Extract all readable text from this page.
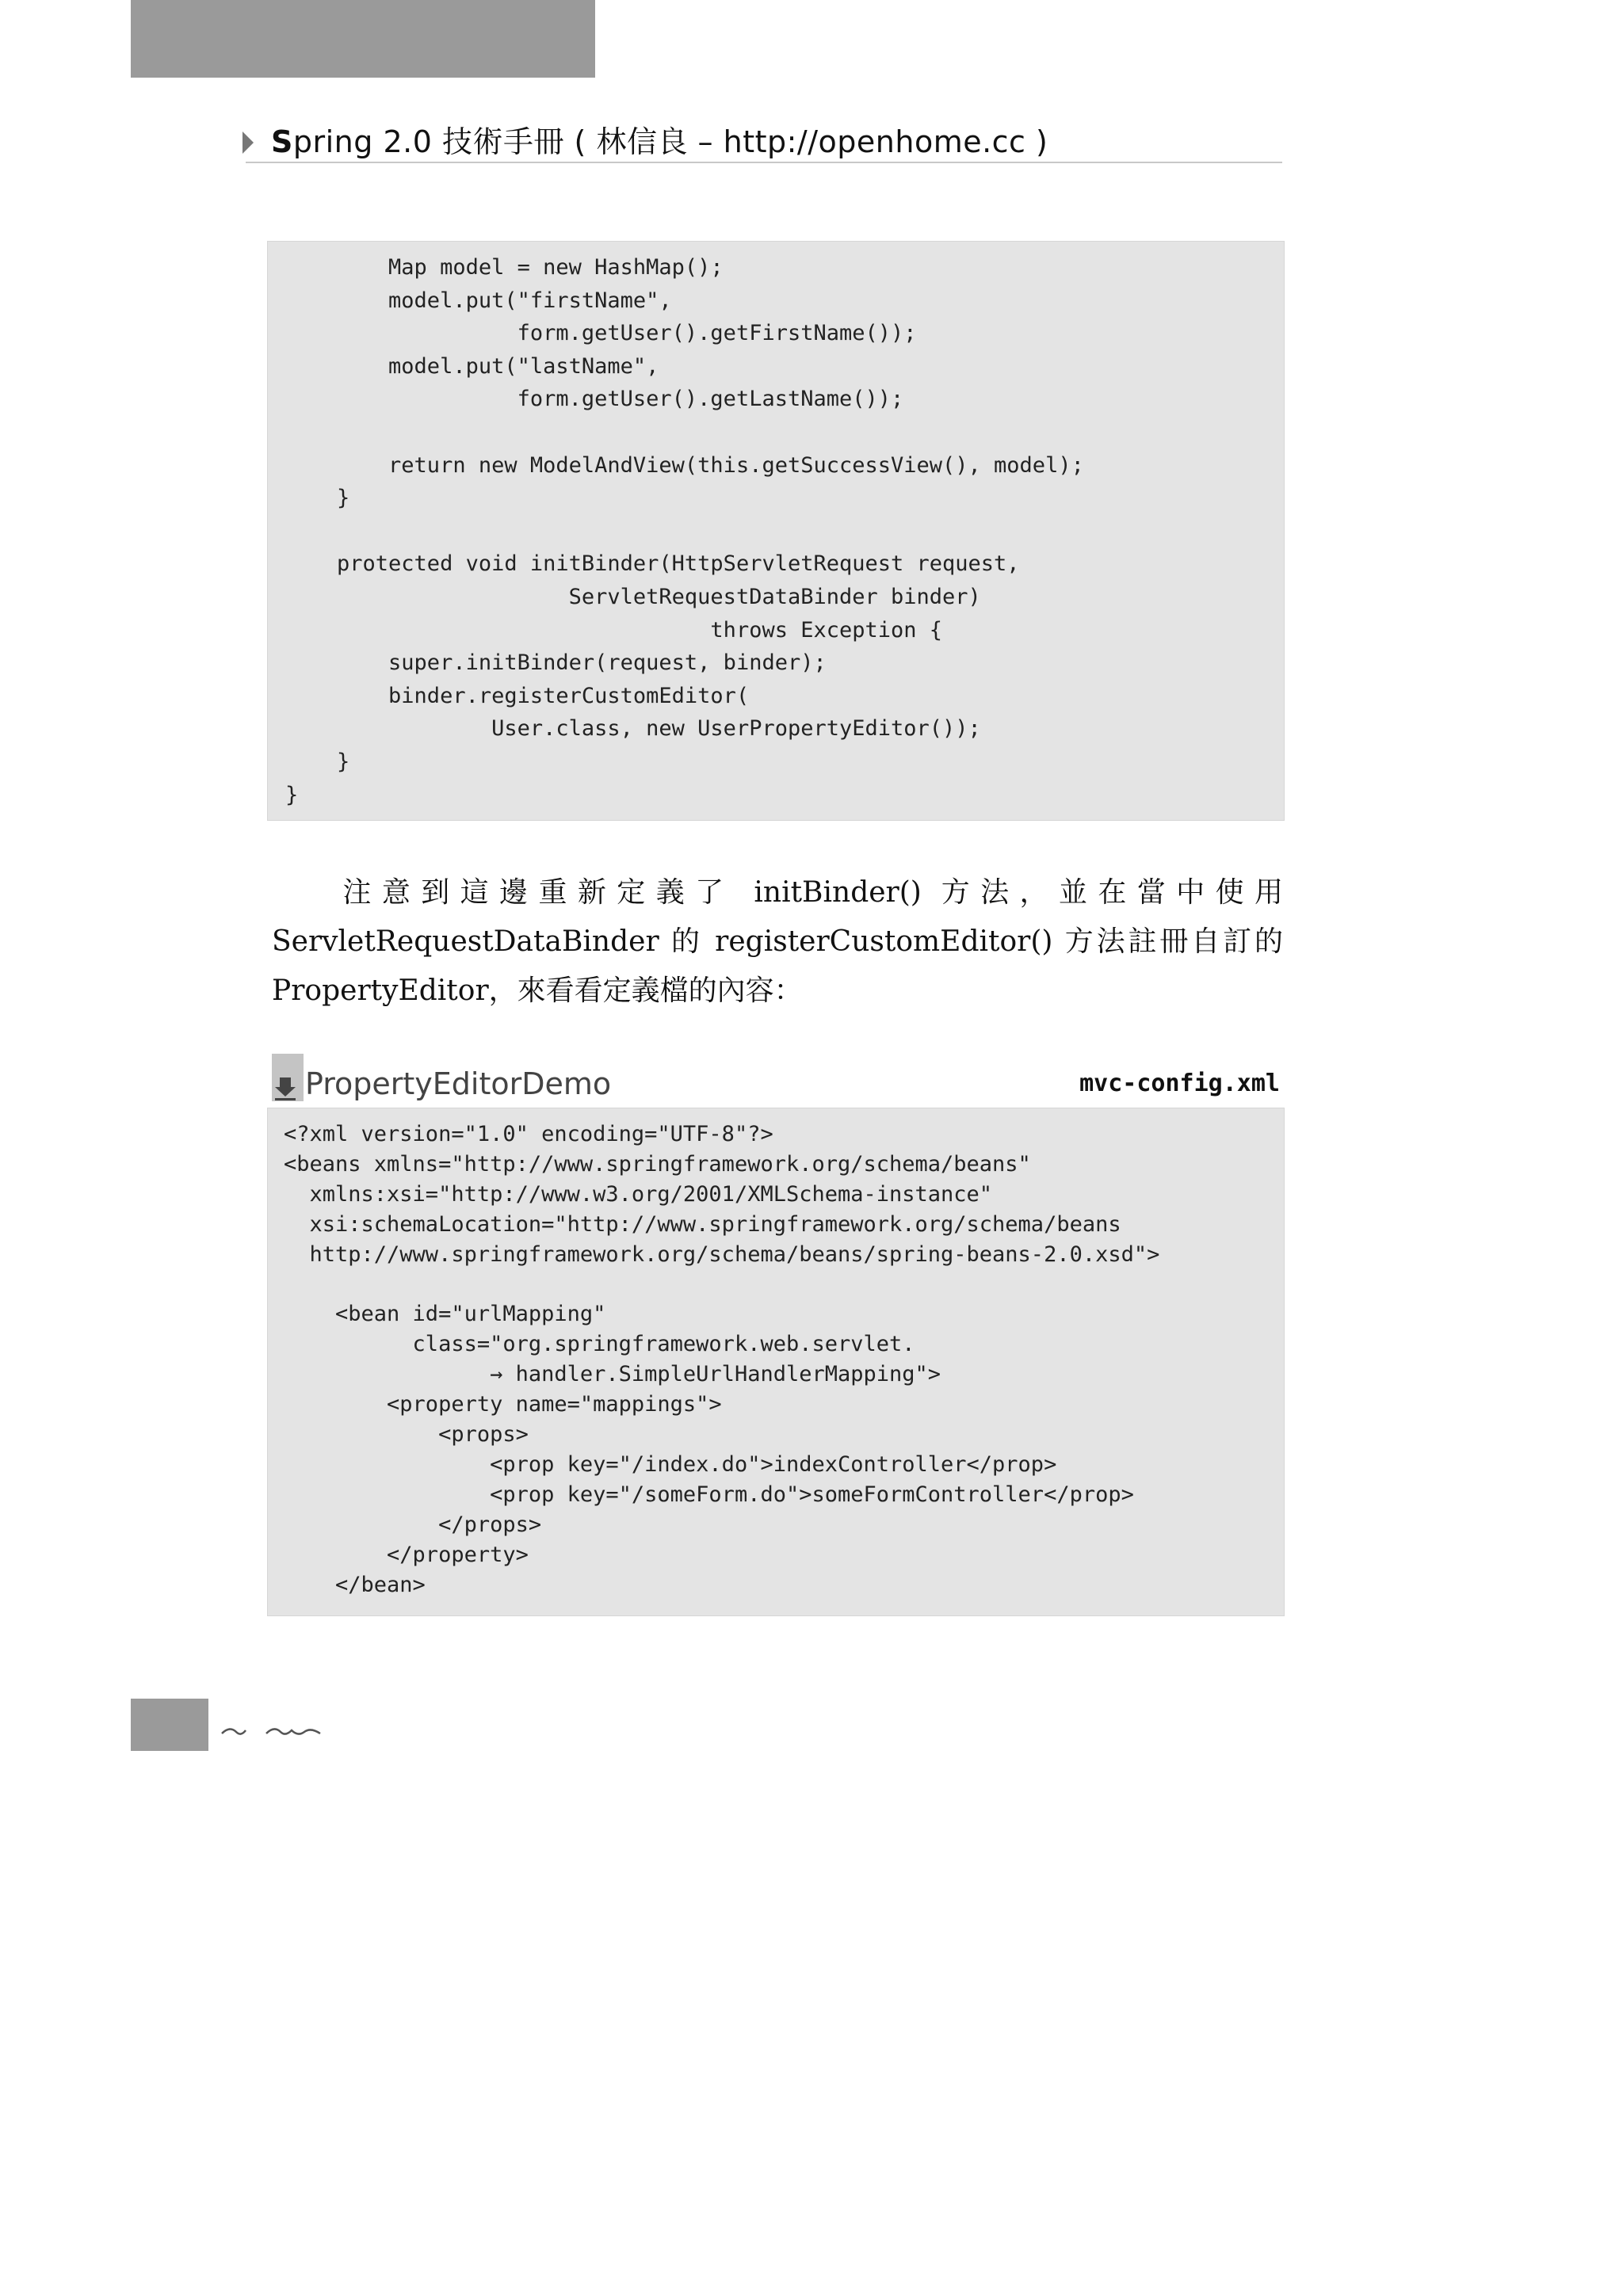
Spring 2.0 技術手冊 ( 林信良 – http://openhome.cc )
Map model = new HashMap();
model.put("firstName",
form.getUser().getFirstName());
model.put("lastName",
form.getUser().getLastName());

return new ModelAndView(this.getSuccessView(), model);
}

protected void initBinder(HttpServletRequest request,
ServletRequestDataBinder binder)
throws Exception {
super.initBinder(request, binder);
binder.registerCustomEditor(
User.class, new UserPropertyEditor());
}
}

注意到這邊重新定義了 initBinder() 方法，並在當中使用 ServletRequestDataBinder 的 registerCustomEditor() 方法註冊自訂的 PropertyEditor，來看看定義檔的內容：

PropertyEditorDemo	mvc-config.xml
<?xml version="1.0" encoding="UTF-8"?>
<beans xmlns="http://www.springframework.org/schema/beans"
xmlns:xsi="http://www.w3.org/2001/XMLSchema-instance"
xsi:schemaLocation="http://www.springframework.org/schema/beans
http://www.springframework.org/schema/beans/spring-beans-2.0.xsd">

<bean id="urlMapping"
class="org.springframework.web.servlet.
→ handler.SimpleUrlHandlerMapping">
<property name="mappings">
<props>
<prop key="/index.do">indexController</prop>
<prop key="/someForm.do">someFormController</prop>
</props>
</property>
</bean>
